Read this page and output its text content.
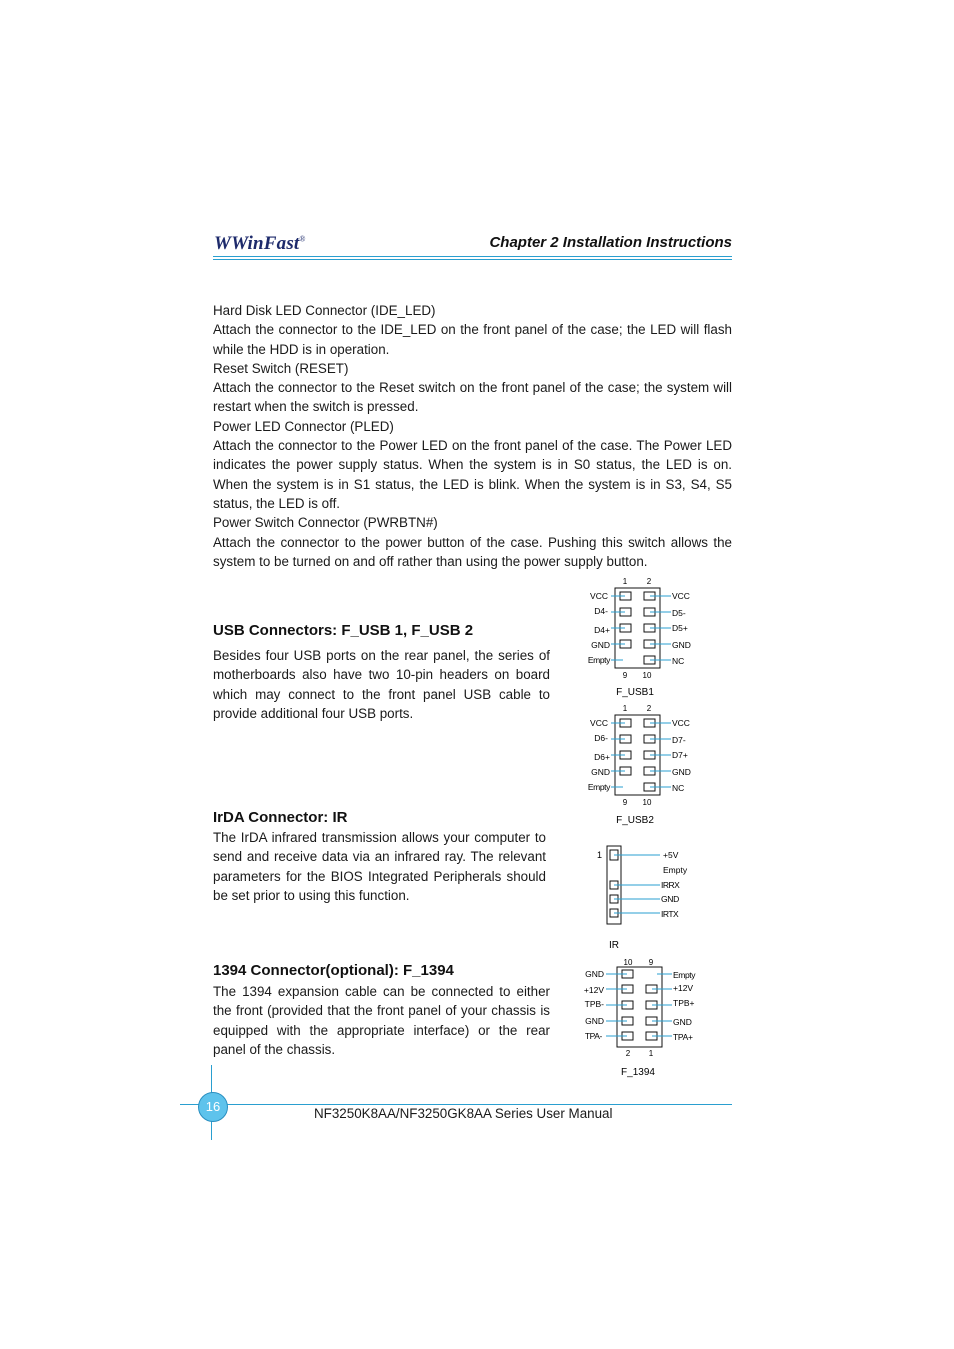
WWinFast®	Chapter 2 Installation Instructions

Hard Disk LED Connector (IDE_LED)

Attach the connector to the IDE_LED on the front panel of the case; the LED will flash while the HDD is in operation.

Reset Switch (RESET)

Attach the connector to the Reset switch on the front panel of the case; the system will restart when the switch is pressed.

Power LED Connector (PLED)

Attach the connector to the Power LED on the front panel of the case. The Power LED indicates the power supply status. When the system is in S0 status, the LED is on. When the system is in S1 status, the LED is blink. When the system is in S3, S4, S5 status, the LED is off.

Power Switch Connector (PWRBTN#)

Attach the connector to the power button of the case. Pushing this switch allows the system to be turned on and off rather than using the power supply button.

USB Connectors: F_USB 1, F_USB 2

Besides four USB ports on the rear panel, the series of motherboards also have two 10-pin headers on board which may connect to the front panel USB cable to provide additional four USB ports.

IrDA Connector: IR

The IrDA infrared transmission allows your computer to send and receive data via an infrared ray. The relevant parameters for the BIOS Integrated Peripherals should be set prior to using this function.

1394 Connector(optional): F_1394

The 1394 expansion cable can be connected to either the front (provided that the front panel of your chassis is equipped with the appropriate interface) or the rear panel of the chassis.

1 2
VCC
D4-
D4+
GND
Empty
VCC
D5-
D5+
GND
NC
9 10
F_USB1
1 2
VCC
D6-
D6+
GND
Empty
VCC
D7-
D7+
GND
NC
9 10
F_USB2
1	+5V
Empty
IRRX
GND
IRTX
IR
10 9
GND
+12V
TPB-
GND
TPA-
Empty
+12V
TPB+
GND
TPA+
2 1
F_1394
16	NF3250K8AA/NF3250GK8AA Series User Manual
